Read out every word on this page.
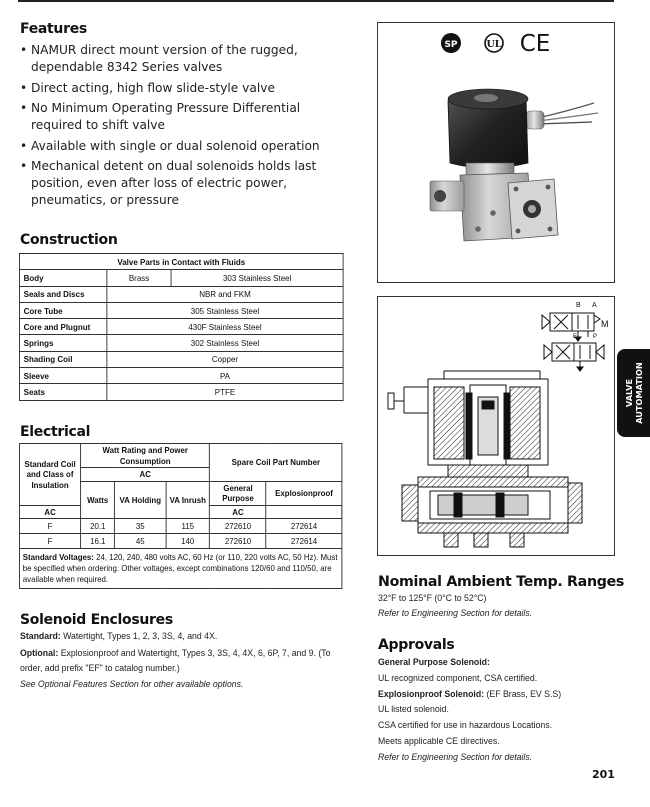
Features
• NAMUR direct mount version of the rugged, dependable 8342 Series valves
• Direct acting, high flow slide-style valve
• No Minimum Operating Pressure Differential required to shift valve
• Available with single or dual solenoid operation
• Mechanical detent on dual solenoids holds last position, even after loss of electric power, pneumatics, or pressure
Construction
Valve Parts in Contact with Fluids		
Body	Brass	303 Stainless Steel
Seals and Discs	NBR and FKM	
Core Tube	305 Stainless Steel	
Core and Plugnut	430F Stainless Steel	
Springs	302 Stainless Steel	
Shading Coil	Copper	
Sleeve	PA	
Seats	PTFE	
Electrical
Standard Coil and Class of Insulation	Watt Rating and Power Consumption			Spare Coil Part Number	
	AC				
	Watts	VA Holding	VA Inrush	General Purpose	Explosionproof
AC				AC	
F	20.1	35	115	272610	272614
F	16.1	45	140	272610	272614
Standard Voltages: 24, 120, 240, 480 volts AC, 60 Hz (or 110, 220 volts AC, 50 Hz). Must be specified when ordering. Other voltages, except combinations 120/60 and 110/50, are available when required.					
Solenoid Enclosures
Standard: Watertight, Types 1, 2, 3, 3S, 4, and 4X.
Optional: Explosionproof and Watertight, Types 3, 3S, 4, 4X, 6, 6P, 7, and 9. (To order, add prefix "EF" to catalog number.)
See Optional Features Section for other available options.
SP	UL CE
B A
M
E	P
Nominal Ambient Temp. Ranges
32°F to 125°F (0°C to 52°C)
Refer to Engineering Section for details.
Approvals
General Purpose Solenoid:
UL recognized component, CSA certified.
Explosionproof Solenoid: (EF Brass, EV S.S)
UL listed solenoid.
CSA certified for use in hazardous Locations.
Meets applicable CE directives.
Refer to Engineering Section for details.
VALVE AUTOMATION
201
